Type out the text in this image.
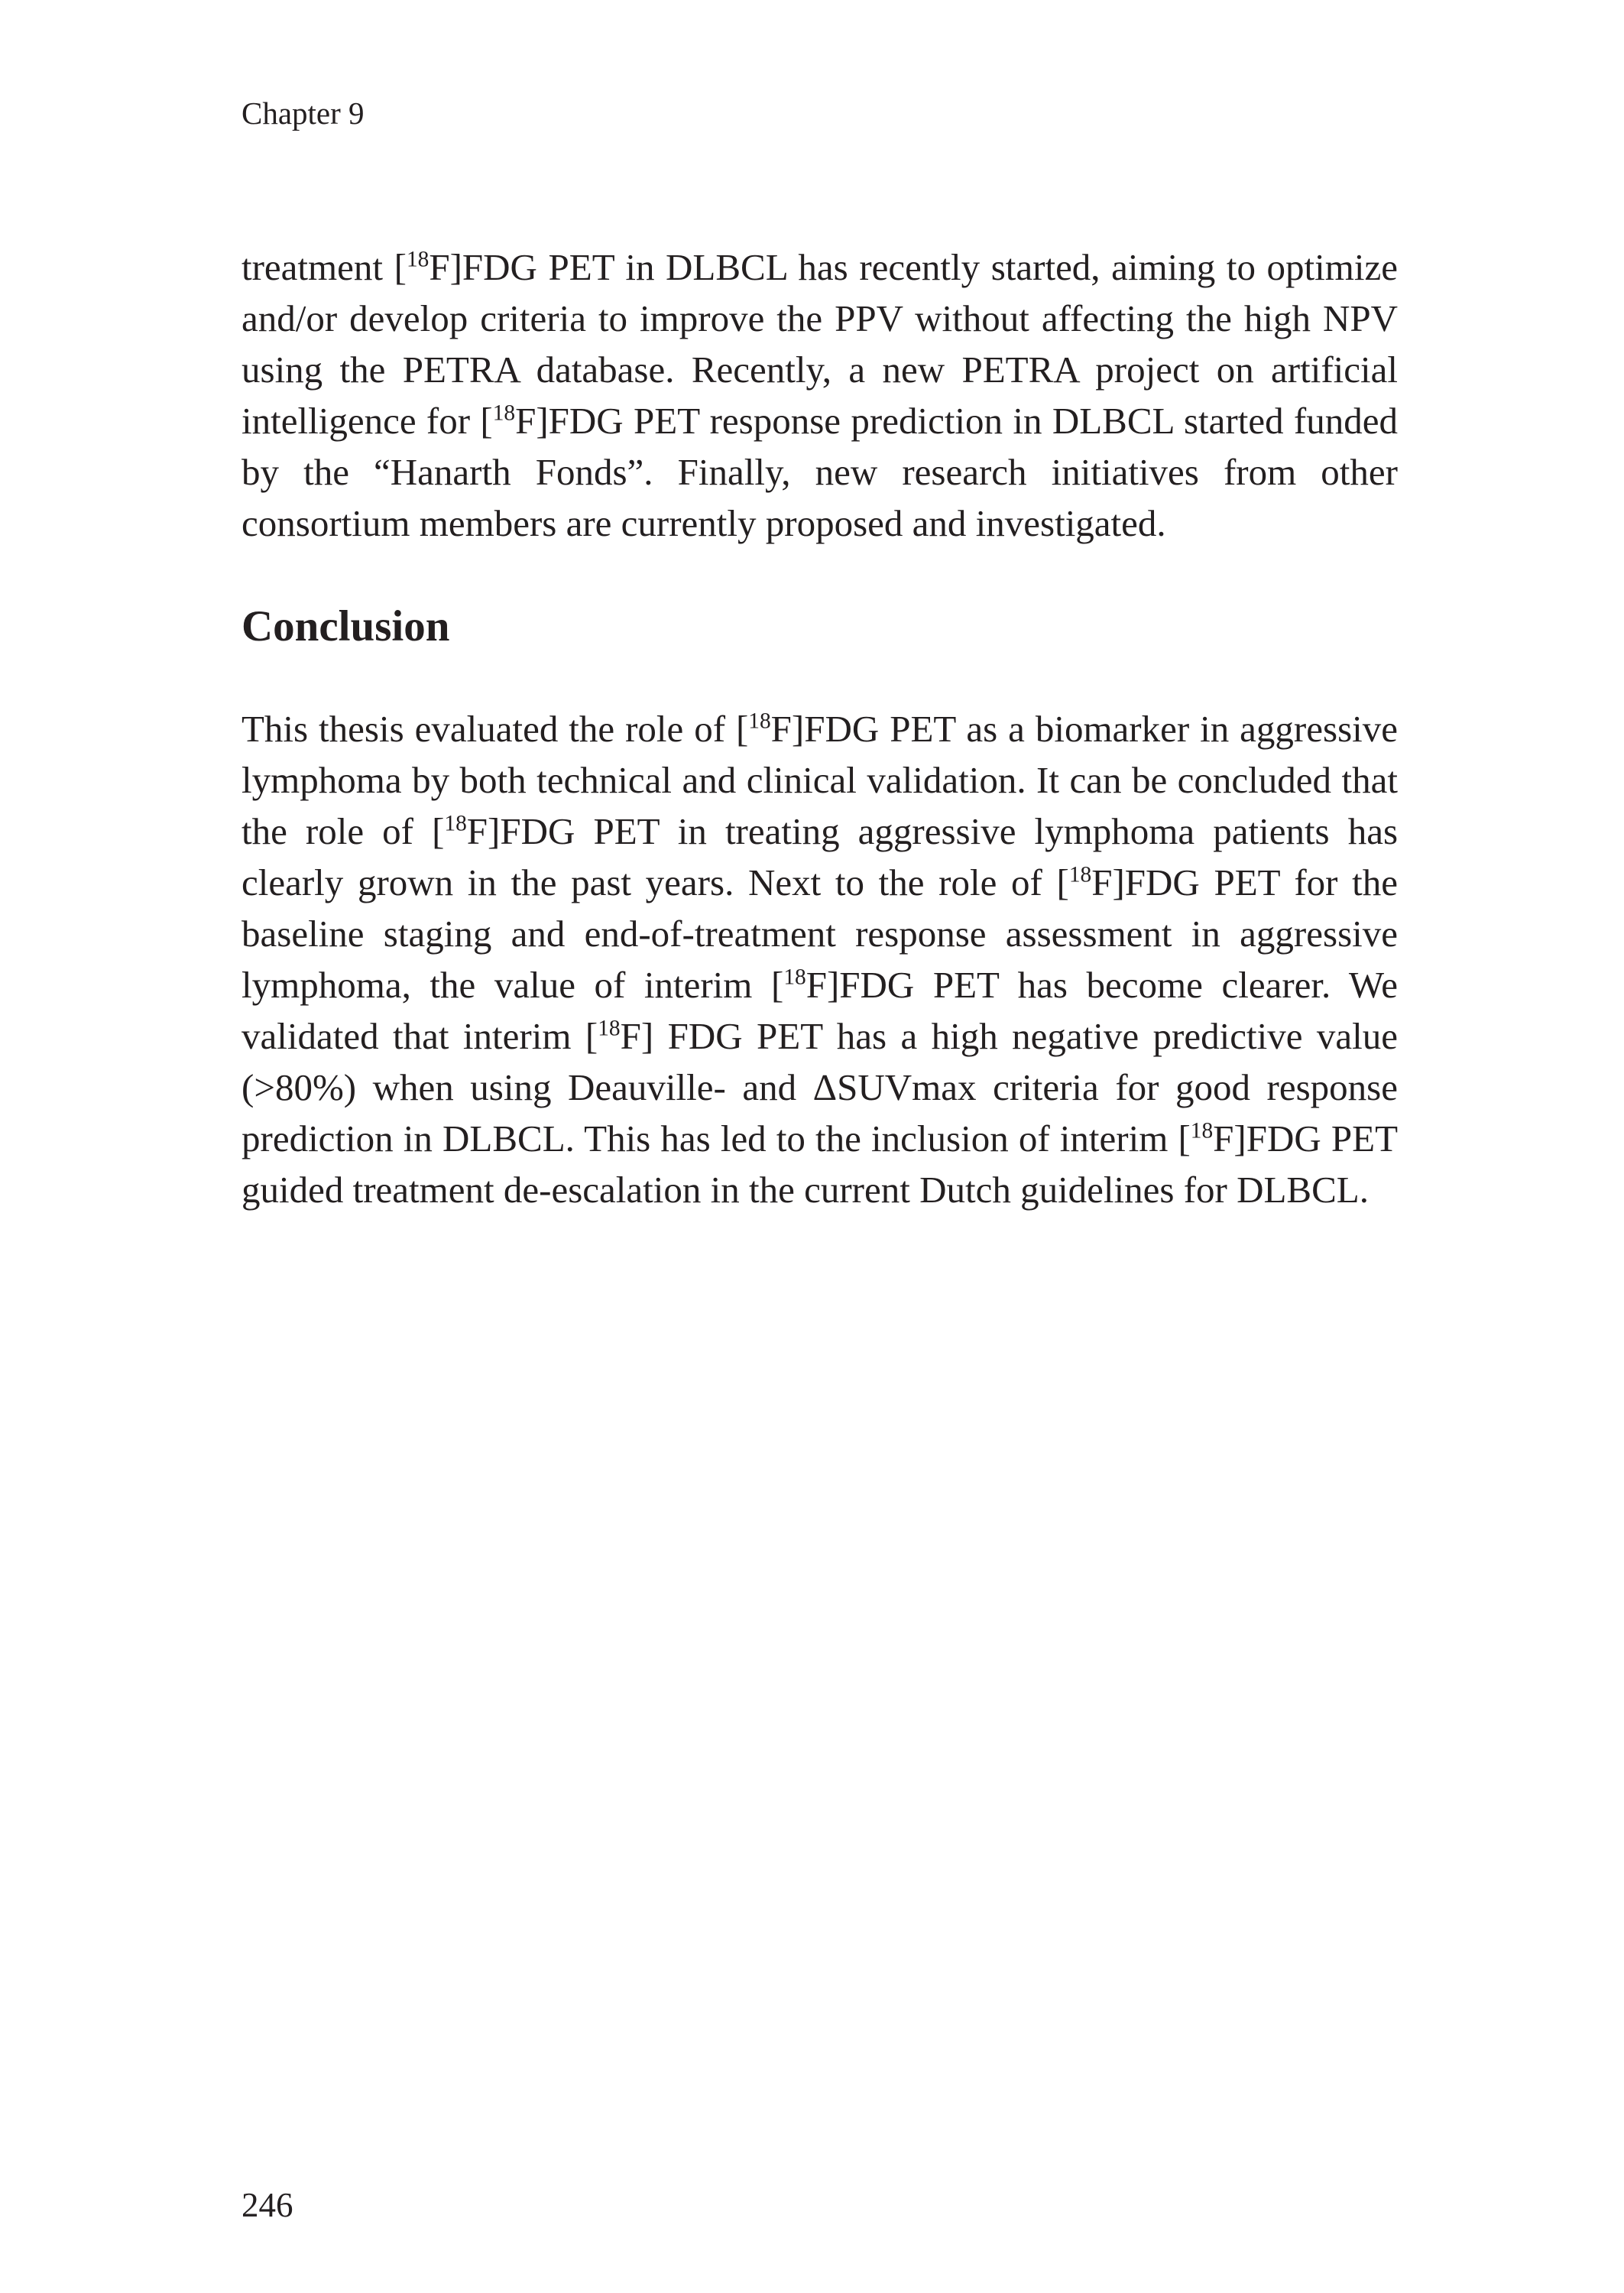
Chapter 9

treatment [$^{18}$F]FDG PET in DLBCL has recently started, aiming to optimize and/or develop criteria to improve the PPV without affecting the high NPV using the PETRA database. Recently, a new PETRA project on artificial intelligence for [$^{18}$F]FDG PET response prediction in DLBCL started funded by the “Hanarth Fonds”. Finally, new research initiatives from other consortium members are currently proposed and investigated.

Conclusion

This thesis evaluated the role of [$^{18}$F]FDG PET as a biomarker in aggressive lymphoma by both technical and clinical validation. It can be concluded that the role of [$^{18}$F]FDG PET in treating aggressive lymphoma patients has clearly grown in the past years. Next to the role of [$^{18}$F]FDG PET for the baseline staging and end-of-treatment response assessment in aggressive lymphoma, the value of interim [$^{18}$F]FDG PET has become clearer. We validated that interim [$^{18}$F] FDG PET has a high negative predictive value (>80%) when using Deauville- and ΔSUVmax criteria for good response prediction in DLBCL. This has led to the inclusion of interim [$^{18}$F]FDG PET guided treatment de-escalation in the current Dutch guidelines for DLBCL.

246
